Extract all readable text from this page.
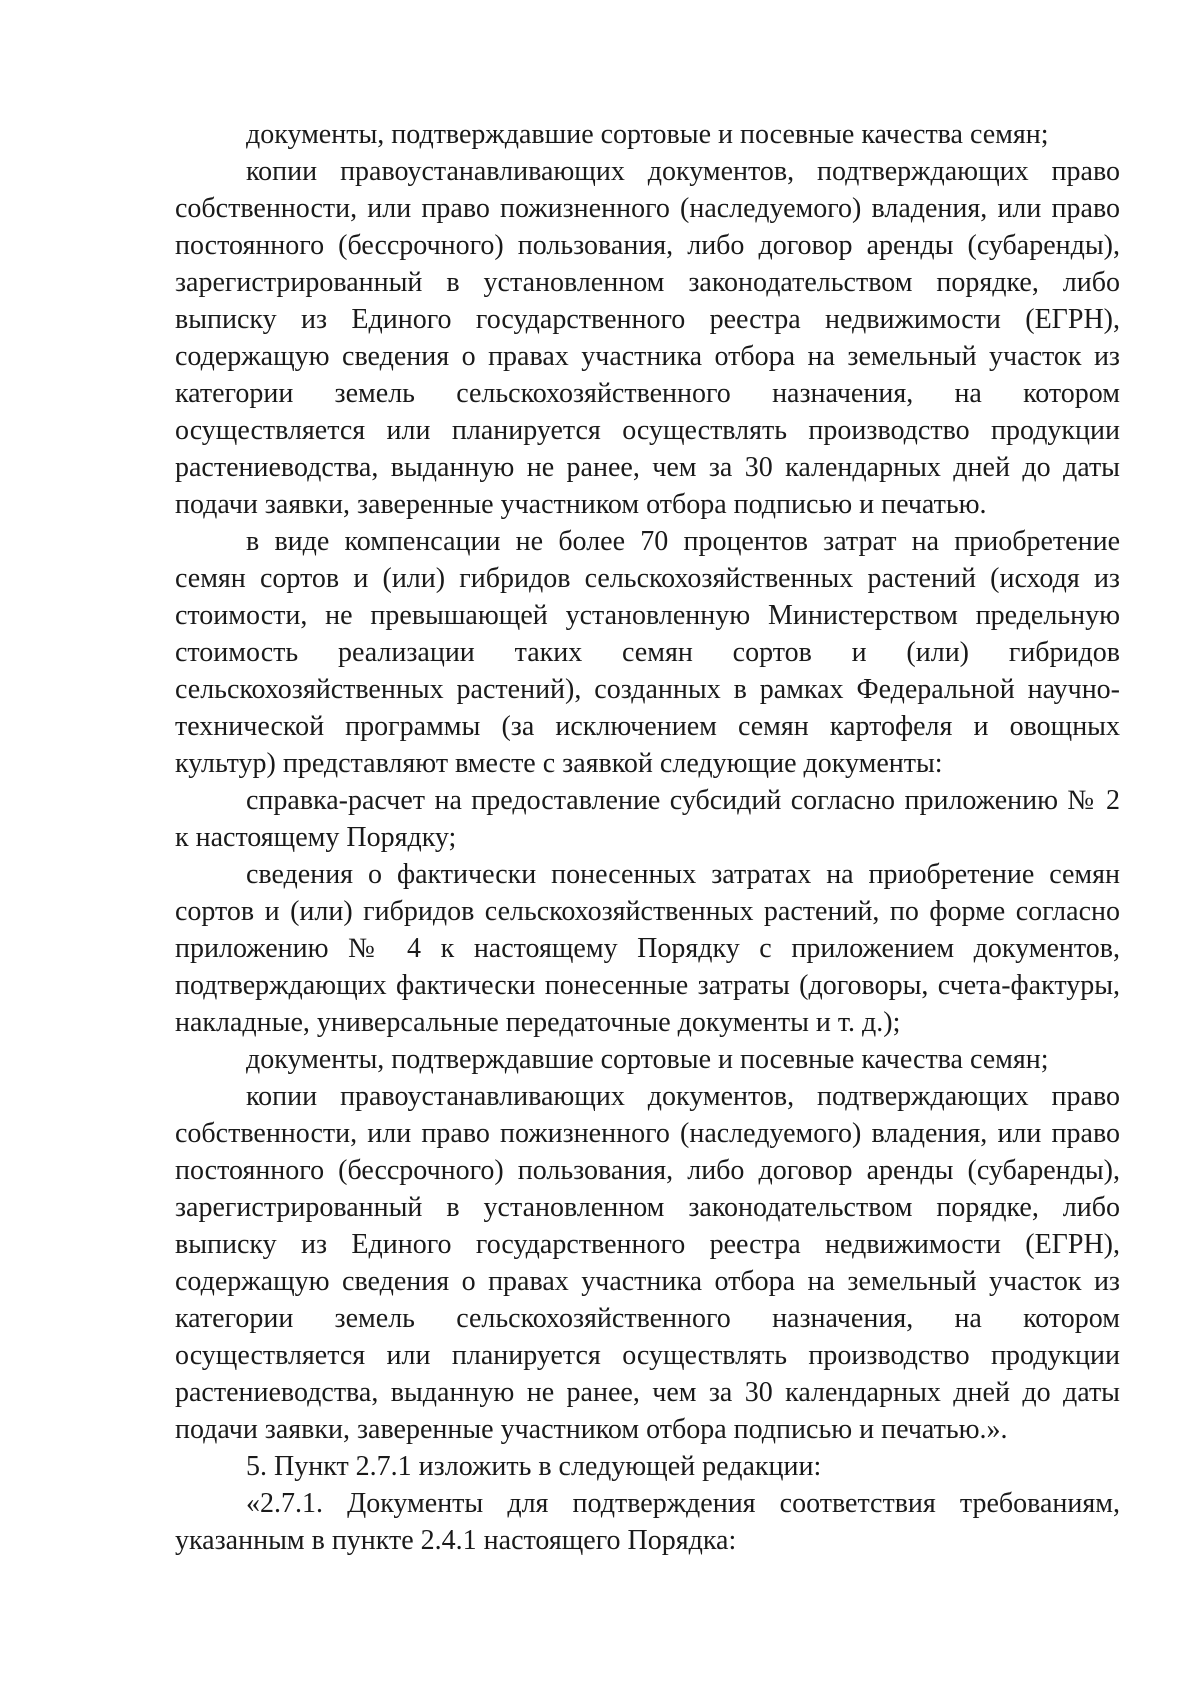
документы, подтверждавшие сортовые и посевные качества семян;

копии правоустанавливающих документов, подтверждающих право собственности, или право пожизненного (наследуемого) владения, или право постоянного (бессрочного) пользования, либо договор аренды (субаренды), зарегистрированный в установленном законодательством порядке, либо выписку из Единого государственного реестра недвижимости (ЕГРН), содержащую сведения о правах участника отбора на земельный участок из категории земель сельскохозяйственного назначения, на котором осуществляется или планируется осуществлять производство продукции растениеводства, выданную не ранее, чем за 30 календарных дней до даты подачи заявки, заверенные участником отбора подписью и печатью.

в виде компенсации не более 70 процентов затрат на приобретение семян сортов и (или) гибридов сельскохозяйственных растений (исходя из стоимости, не превышающей установленную Министерством предельную стоимость реализации таких семян сортов и (или) гибридов сельскохозяйственных растений), созданных в рамках Федеральной научно-технической программы (за исключением семян картофеля и овощных культур) представляют вместе с заявкой следующие документы:

справка-расчет на предоставление субсидий согласно приложению № 2 к настоящему Порядку;

сведения о фактически понесенных затратах на приобретение семян сортов и (или) гибридов сельскохозяйственных растений, по форме согласно приложению № 4 к настоящему Порядку с приложением документов, подтверждающих фактически понесенные затраты (договоры, счета-фактуры, накладные, универсальные передаточные документы и т. д.);

документы, подтверждавшие сортовые и посевные качества семян;

копии правоустанавливающих документов, подтверждающих право собственности, или право пожизненного (наследуемого) владения, или право постоянного (бессрочного) пользования, либо договор аренды (субаренды), зарегистрированный в установленном законодательством порядке, либо выписку из Единого государственного реестра недвижимости (ЕГРН), содержащую сведения о правах участника отбора на земельный участок из категории земель сельскохозяйственного назначения, на котором осуществляется или планируется осуществлять производство продукции растениеводства, выданную не ранее, чем за 30 календарных дней до даты подачи заявки, заверенные участником отбора подписью и печатью.».

5. Пункт 2.7.1 изложить в следующей редакции:

«2.7.1. Документы для подтверждения соответствия требованиям, указанным в пункте 2.4.1 настоящего Порядка:
